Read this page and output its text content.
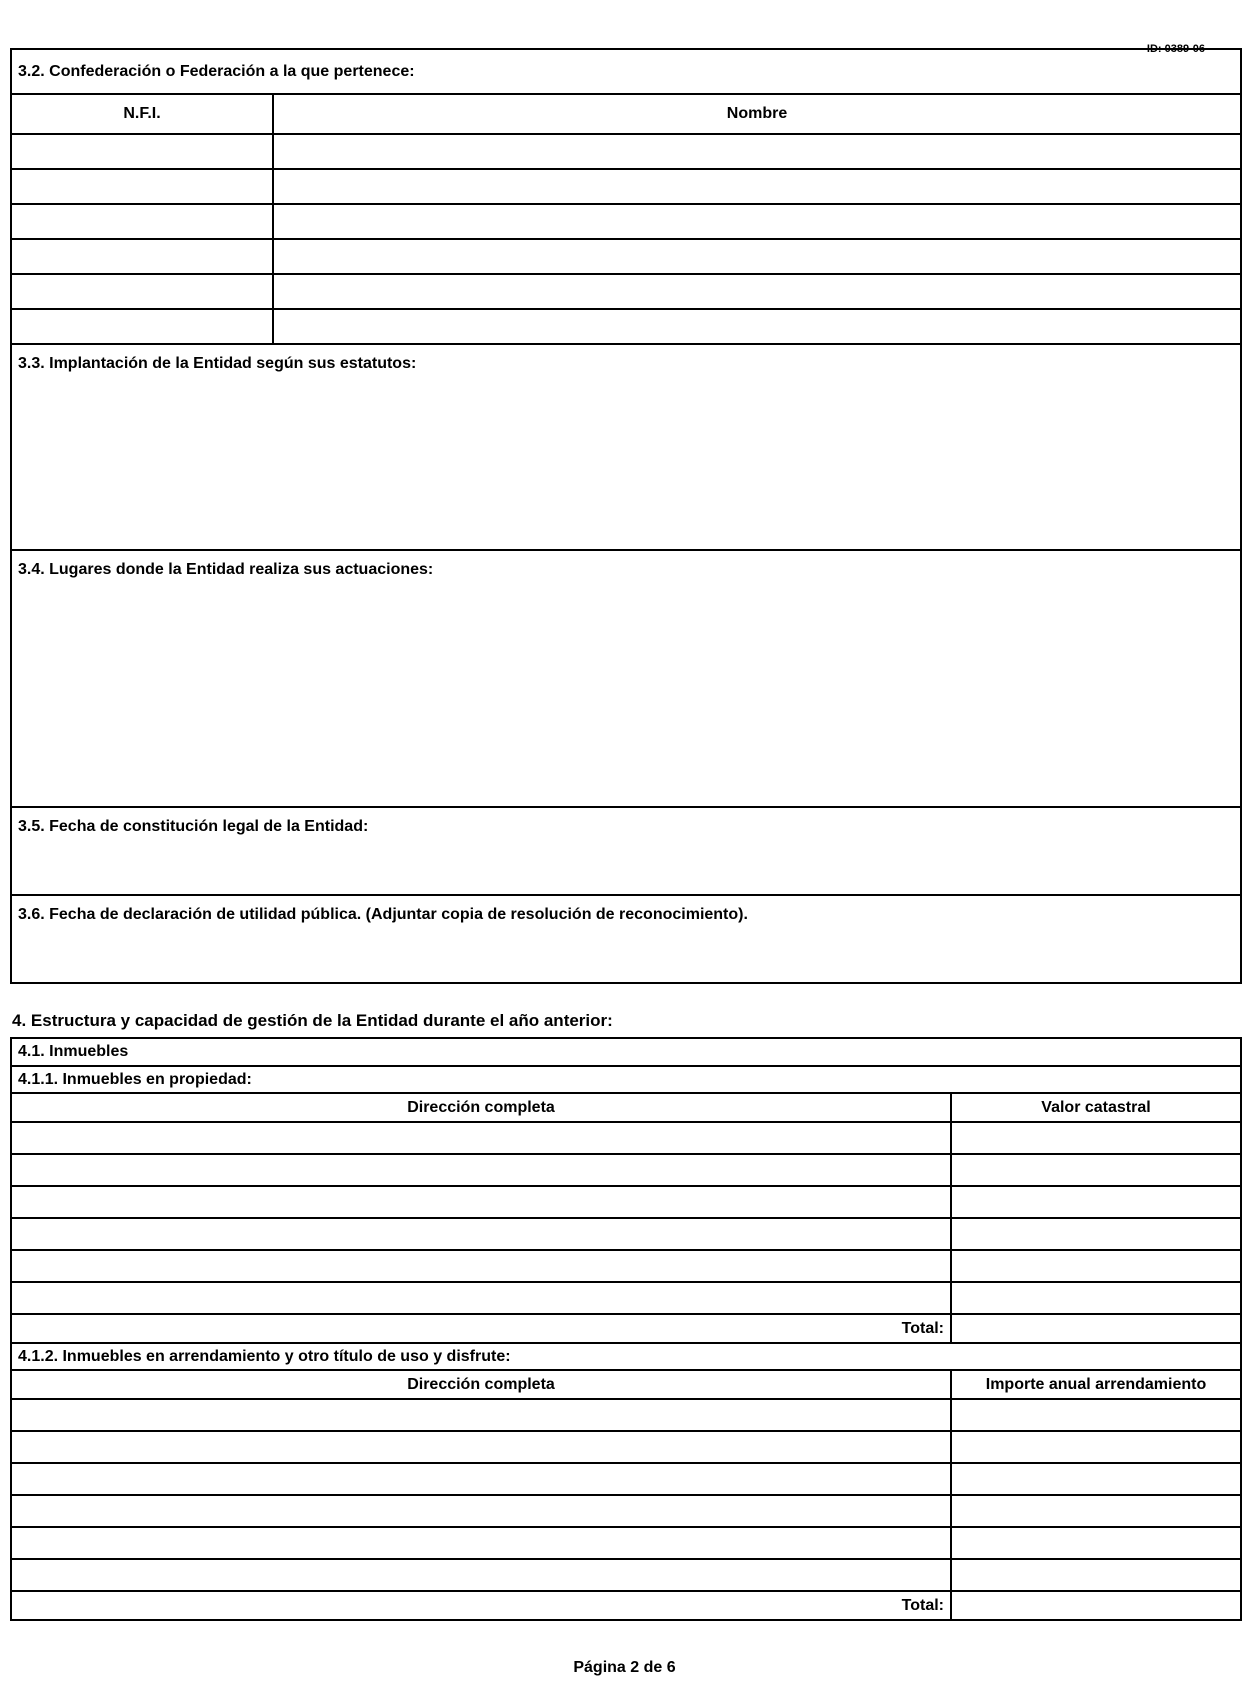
ID: 0389-06
3.2. Confederación o Federación a la que pertenece:	
N.F.I.	Nombre

3.3. Implantación de la Entidad según sus estatutos:	
3.4. Lugares donde la Entidad realiza sus actuaciones:	
3.5. Fecha de constitución legal de la Entidad:	
3.6. Fecha de declaración de utilidad pública. (Adjuntar copia de resolución de reconocimiento).	
4. Estructura y capacidad de gestión de la Entidad durante el año anterior:
4.1. Inmuebles	
4.1.1. Inmuebles en propiedad:	
Dirección completa	Valor catastral

Total:	
4.1.2. Inmuebles en arrendamiento y otro título de uso y disfrute:	
Dirección completa	Importe anual arrendamiento

Total:	
Página 2 de 6
